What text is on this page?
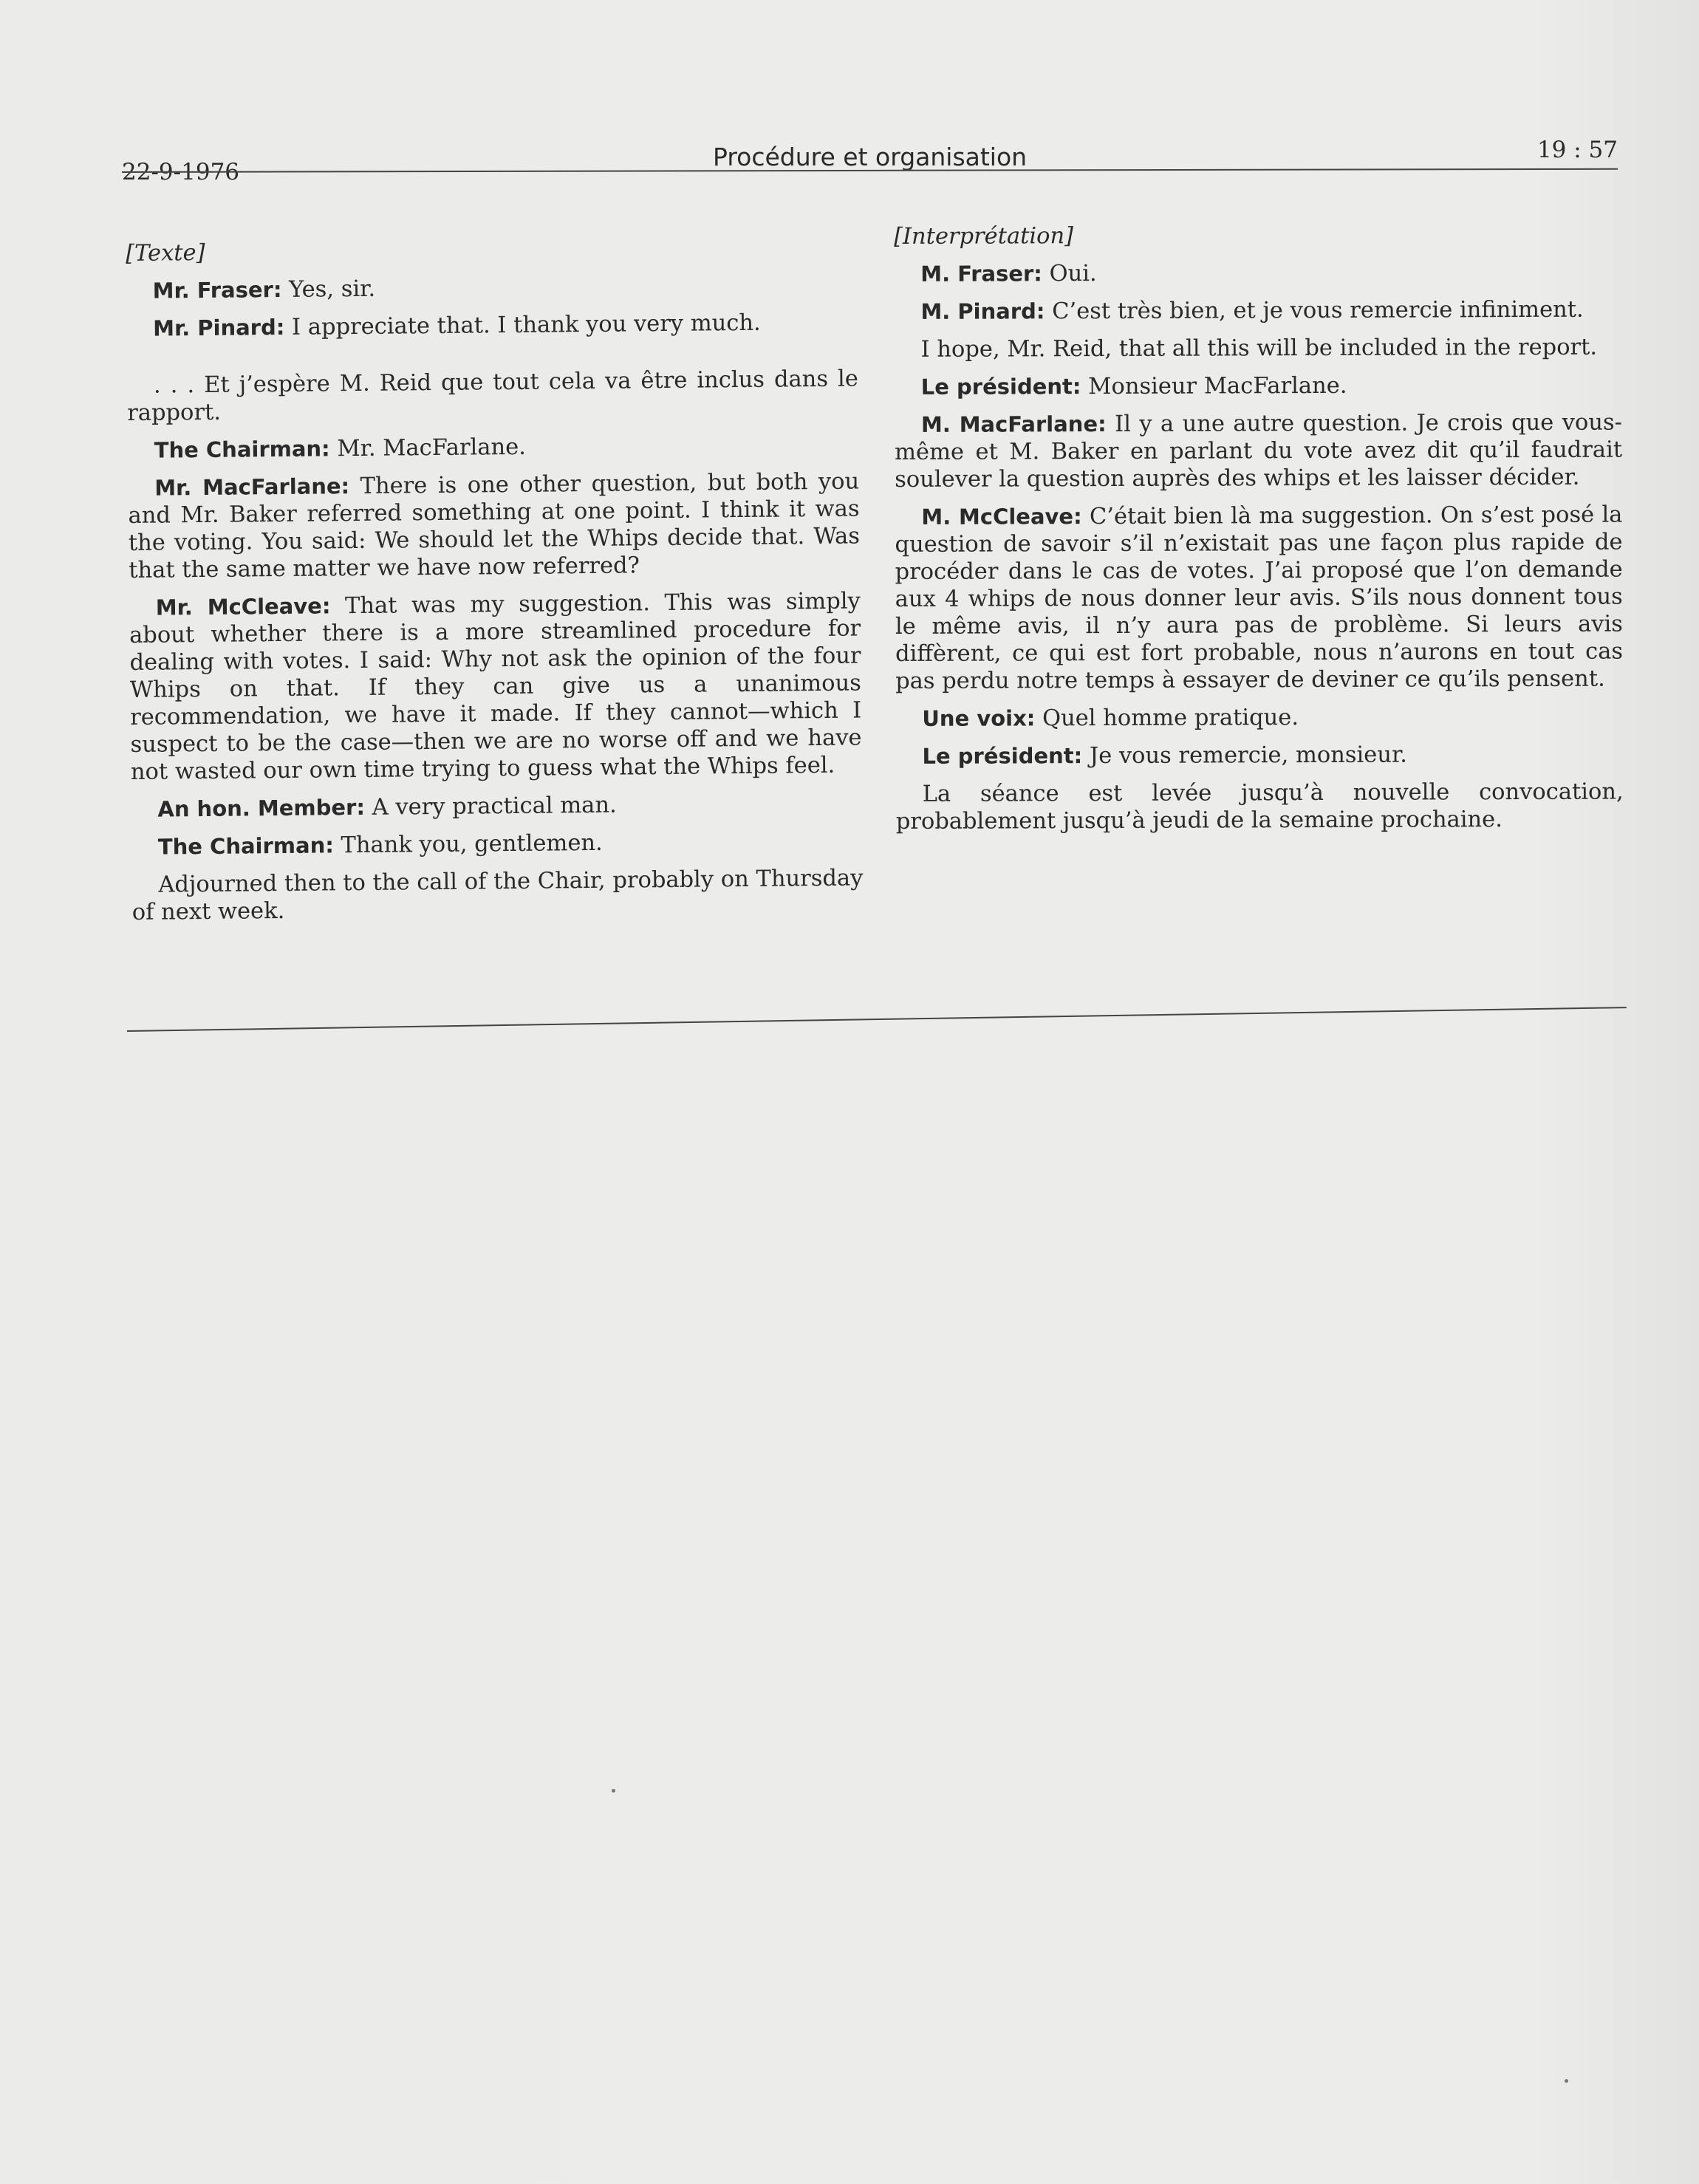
22-9-1976
Procédure et organisation	19 : 57

[Texte]

Mr. Fraser: Yes, sir.

Mr. Pinard: I appreciate that. I thank you very much.

. . . Et j’espère M. Reid que tout cela va être inclus dans le rapport.

The Chairman: Mr. MacFarlane.

Mr. MacFarlane: There is one other question, but both you and Mr. Baker referred something at one point. I think it was the voting. You said: We should let the Whips decide that. Was that the same matter we have now referred?

Mr. McCleave: That was my suggestion. This was simply about whether there is a more streamlined procedure for dealing with votes. I said: Why not ask the opinion of the four Whips on that. If they can give us a unanimous recommendation, we have it made. If they cannot—which I suspect to be the case—then we are no worse off and we have not wasted our own time trying to guess what the Whips feel.

An hon. Member: A very practical man.

The Chairman: Thank you, gentlemen.

Adjourned then to the call of the Chair, probably on Thursday of next week.

[Interprétation]

M. Fraser: Oui.

M. Pinard: C’est très bien, et je vous remercie infiniment.

I hope, Mr. Reid, that all this will be included in the report.

Le président: Monsieur MacFarlane.

M. MacFarlane: Il y a une autre question. Je crois que vous-même et M. Baker en parlant du vote avez dit qu’il faudrait soulever la question auprès des whips et les laisser décider.

M. McCleave: C’était bien là ma suggestion. On s’est posé la question de savoir s’il n’existait pas une façon plus rapide de procéder dans le cas de votes. J’ai proposé que l’on demande aux 4 whips de nous donner leur avis. S’ils nous donnent tous le même avis, il n’y aura pas de problème. Si leurs avis diffèrent, ce qui est fort probable, nous n’aurons en tout cas pas perdu notre temps à essayer de deviner ce qu’ils pensent.

Une voix: Quel homme pratique.

Le président: Je vous remercie, monsieur.

La séance est levée jusqu’à nouvelle convocation, probablement jusqu’à jeudi de la semaine prochaine.
